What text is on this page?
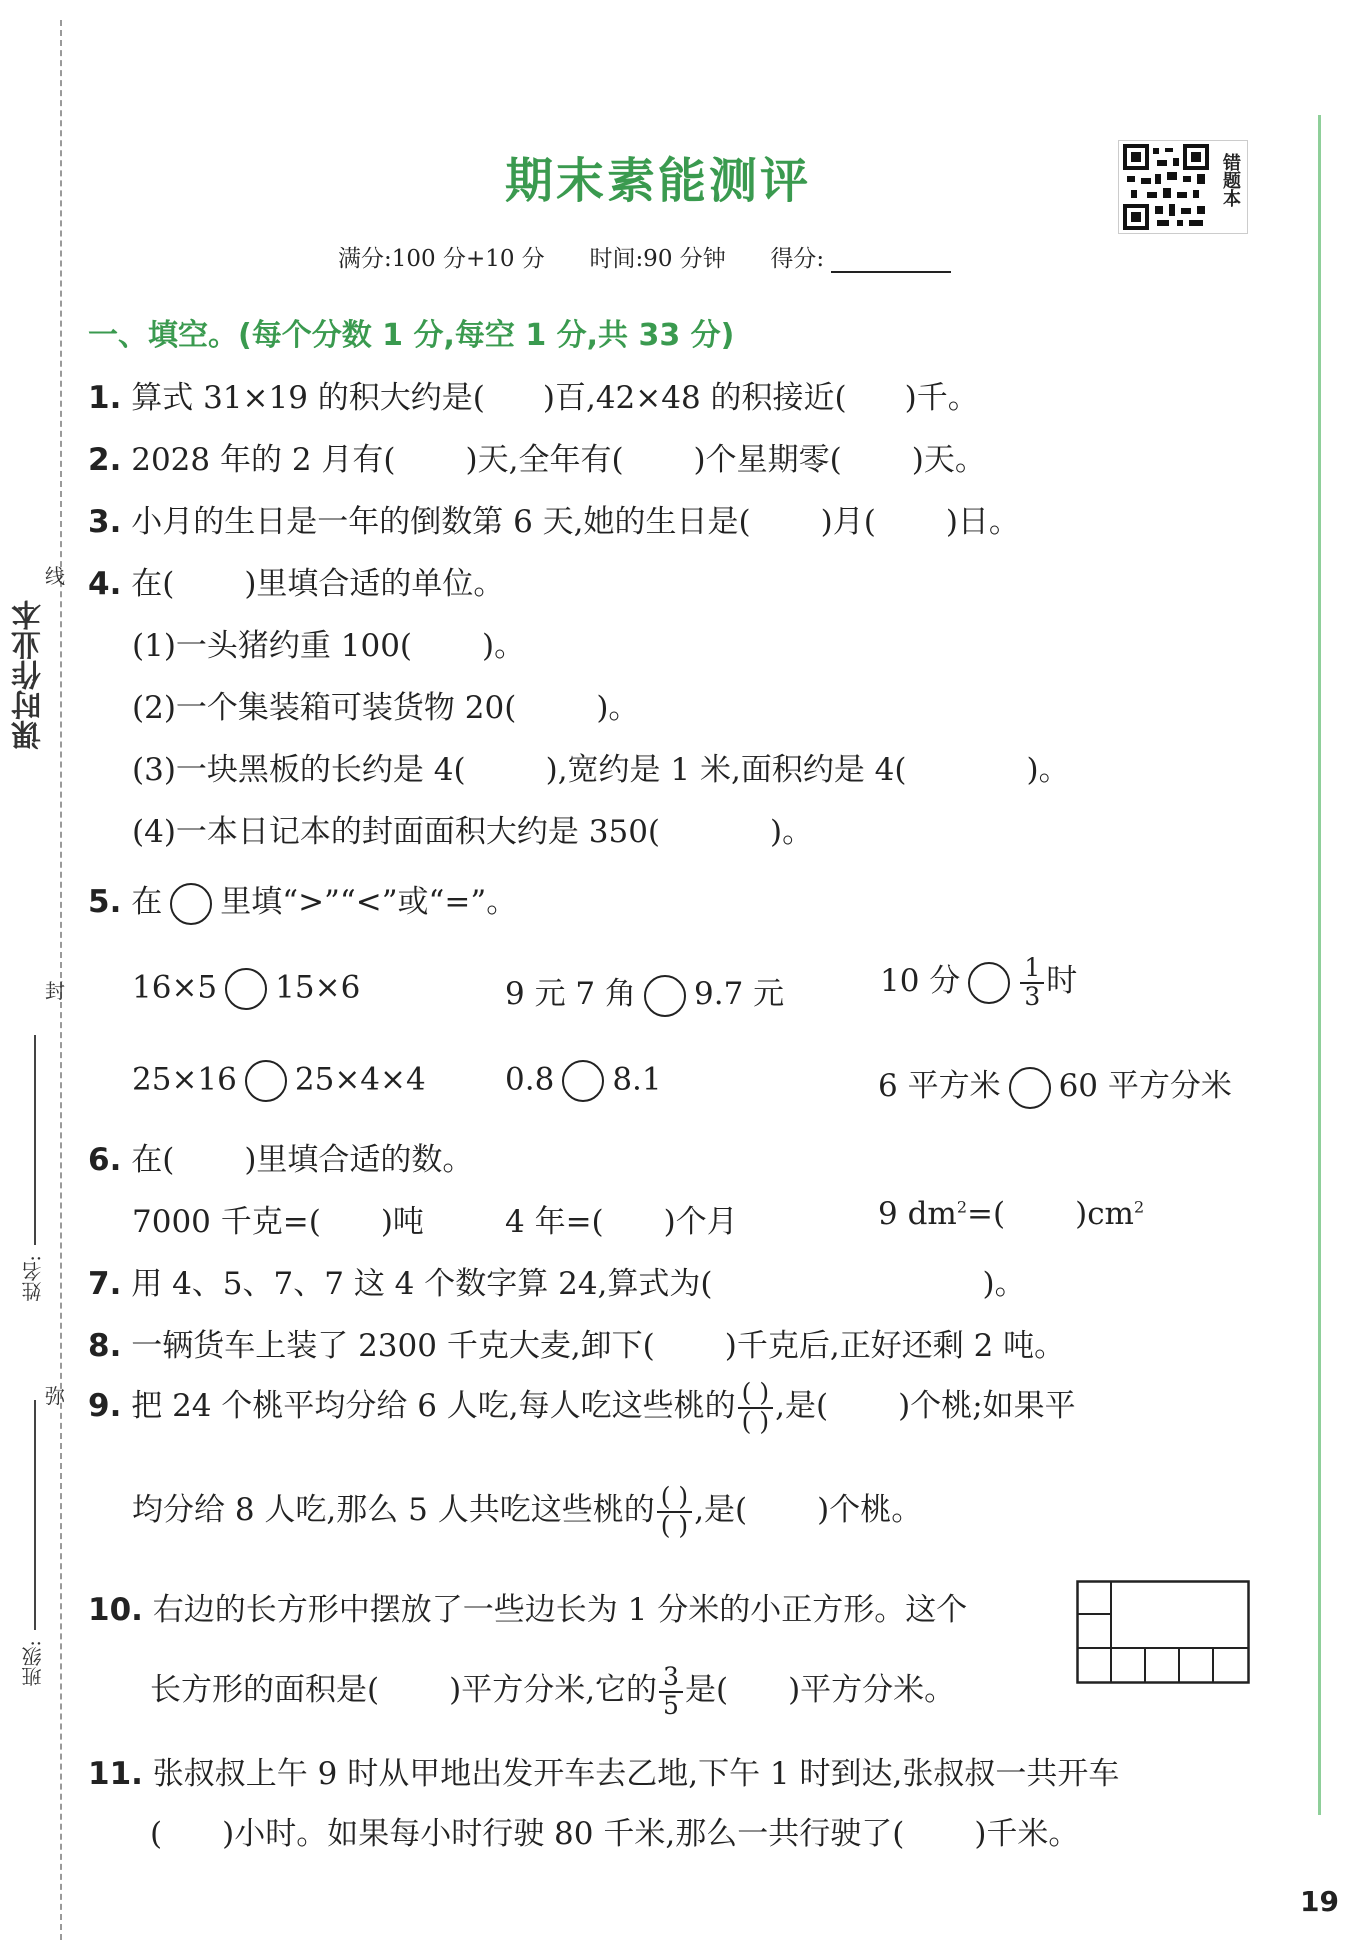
线
封
弥
姓名:
班级:
课时作业本
期末素能测评	错题本
满分:100 分+10 分 时间:90 分钟 得分:
一、填空。(每个分数 1 分,每空 1 分,共 33 分)
1. 算式 31×19 的积大约是( )百,42×48 的积接近( )千。
2. 2028 年的 2 月有( )天,全年有( )个星期零( )天。
3. 小月的生日是一年的倒数第 6 天,她的生日是( )月( )日。
4. 在( )里填合适的单位。
(1)一头猪约重 100( )。
(2)一个集装箱可装货物 20(	)。
(3)一块黑板的长约是 4(	),宽约是 1 米,面积约是 4(	)。
(4)一本日记本的封面面积大约是 350(	)。
5. 在 里填“>”“<”或“=”。
16×5 15×6	9 元 7 角 9.7 元	10 分 $\frac{1}{3}$ 时
25×16 25×4×4	0.8 8.1	6 平方米 60 平方分米
6. 在( )里填合适的数。
7000 千克=( )吨	4 年=( )个月	9 $dm^2=$( )$cm^2$
7. 用 4、5、7、7 这 4 个数字算 24,算式为(	)。
8. 一辆货车上装了 2300 千克大麦,卸下( )千克后,正好还剩 2 吨。
9. 把 24 个桃平均分给 6 人吃,每人吃这些桃的 $\frac{( )}{( )}$ ,是( )个桃;如果平
均分给 8 人吃,那么 5 人共吃这些桃的 $\frac{( )}{( )}$ ,是( )个桃。
10. 右边的长方形中摆放了一些边长为 1 分米的小正方形。这个
长方形的面积是( )平方分米,它的 $\frac{3}{5}$ 是( )平方分米。
11. 张叔叔上午 9 时从甲地出发开车去乙地,下午 1 时到达,张叔叔一共开车
( )小时。如果每小时行驶 80 千米,那么一共行驶了( )千米。
19
